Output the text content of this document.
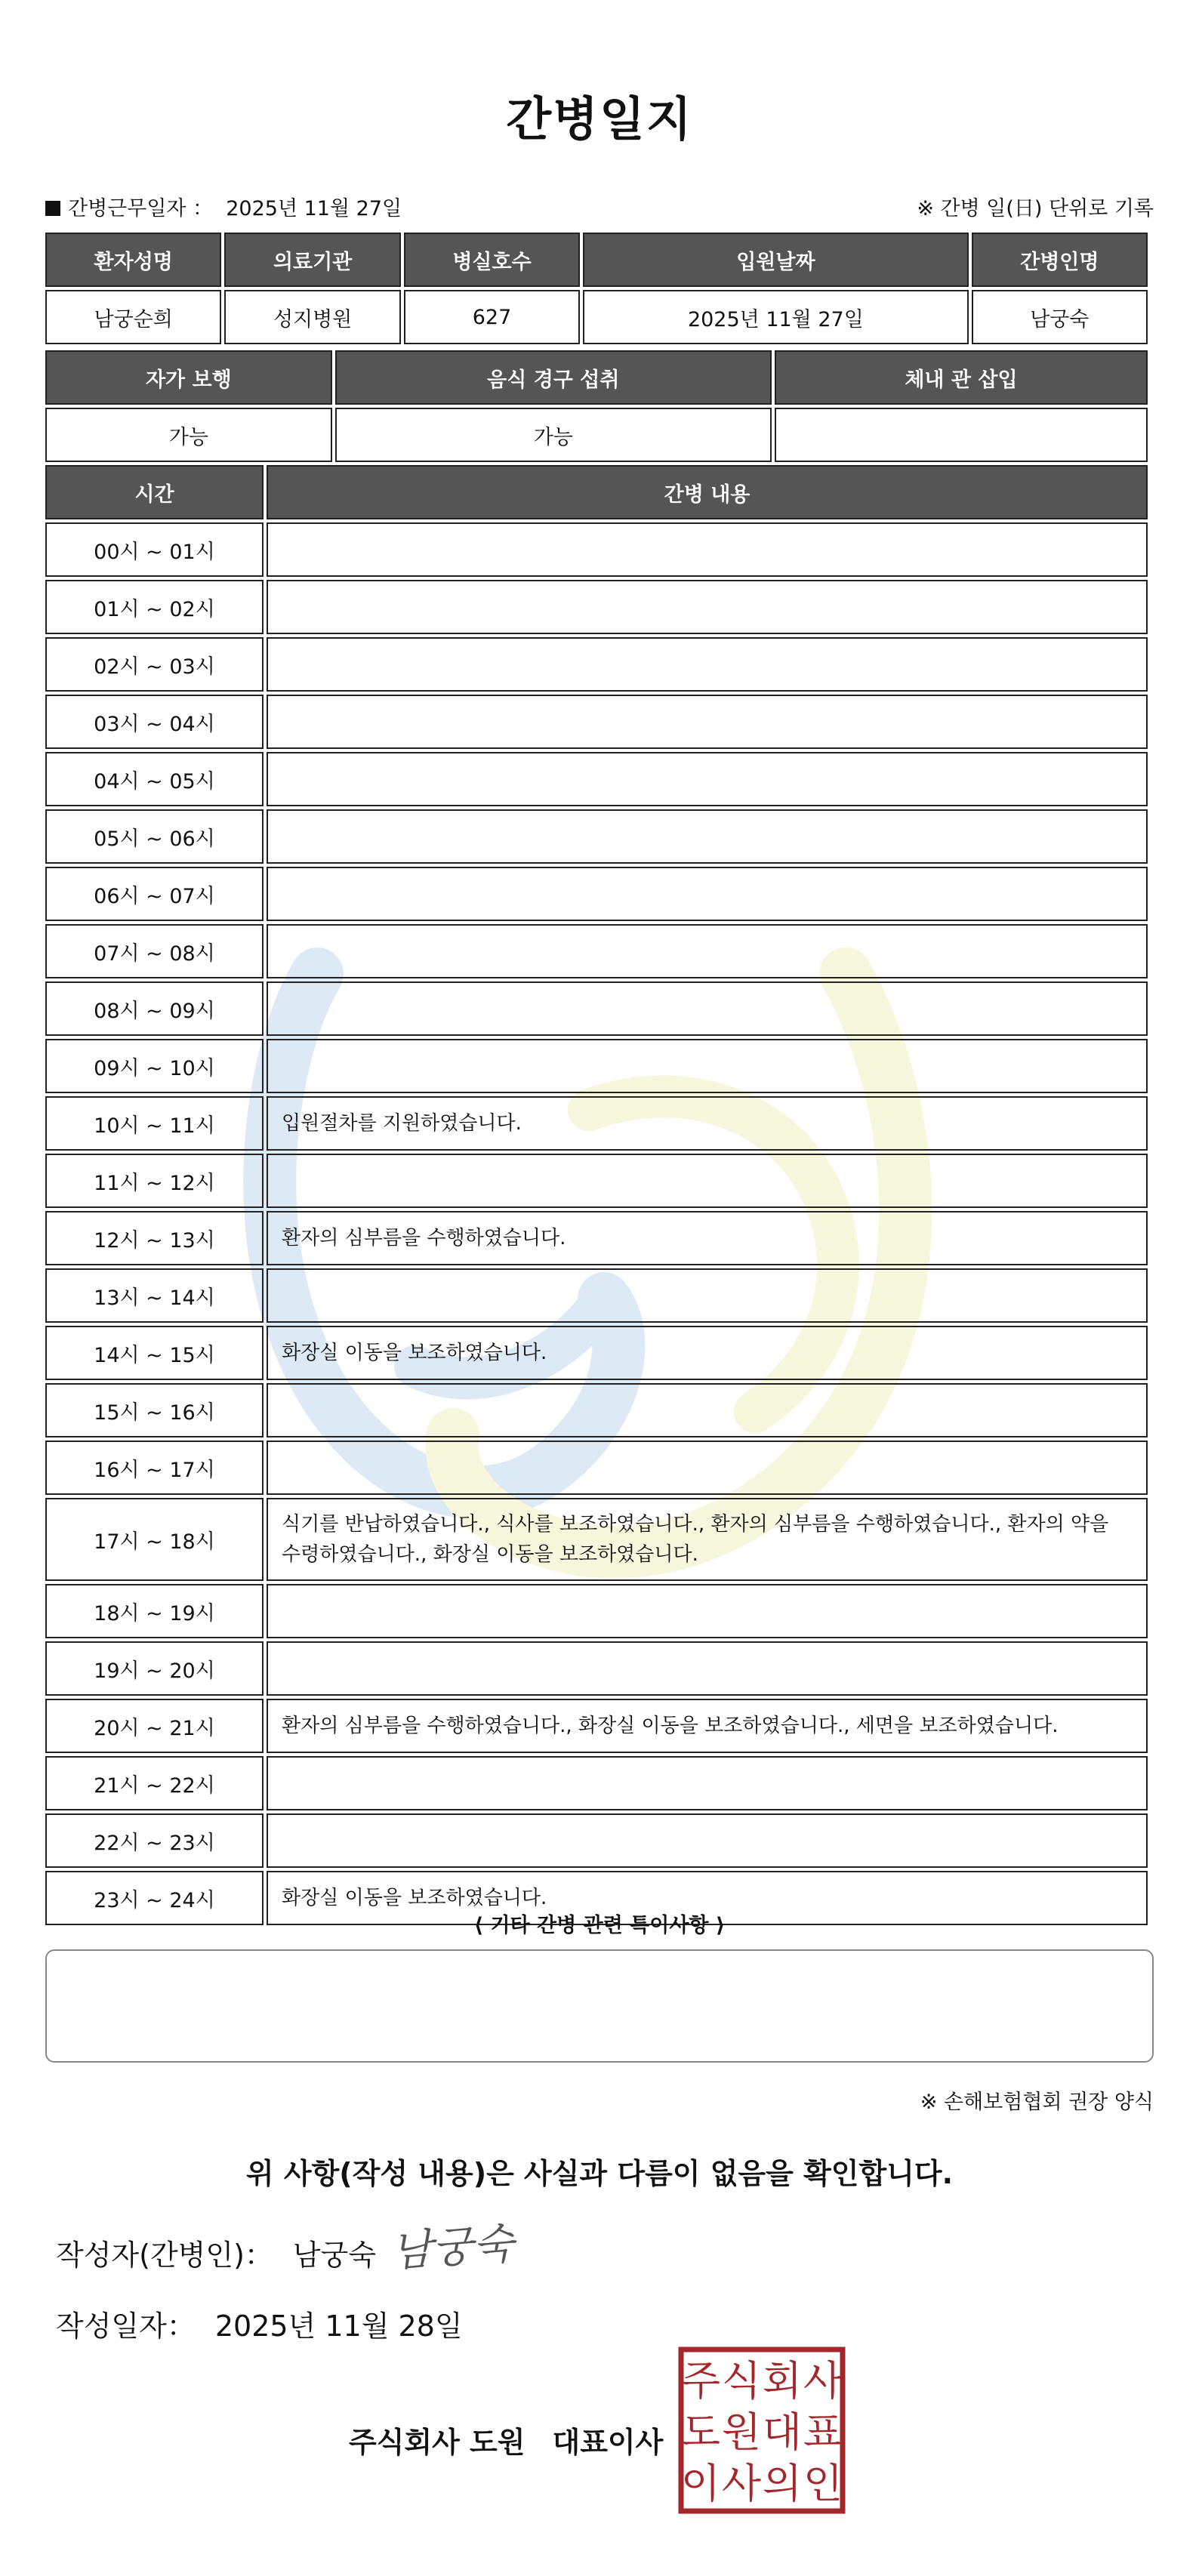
간병일지
간병근무일자 ： 2025년 11월 27일	※ 간병 일(日) 단위로 기록
환자성명	의료기관	병실호수	입원날짜	간병인명
남궁순희	성지병원	627	2025년 11월 27일	남궁숙
자가 보행	음식 경구 섭취	체내 관 삽입
가능	가능	
시간	간병 내용
00시 ~ 01시	
01시 ~ 02시	
02시 ~ 03시	
03시 ~ 04시	
04시 ~ 05시	
05시 ~ 06시	
06시 ~ 07시	
07시 ~ 08시	
08시 ~ 09시	
09시 ~ 10시	
10시 ~ 11시	입원절차를 지원하였습니다.
11시 ~ 12시	
12시 ~ 13시	환자의 심부름을 수행하였습니다.
13시 ~ 14시	
14시 ~ 15시	화장실 이동을 보조하였습니다.
15시 ~ 16시	
16시 ~ 17시	
17시 ~ 18시	식기를 반납하였습니다., 식사를 보조하였습니다., 환자의 심부름을 수행하였습니다., 환자의 약을 수령하였습니다., 화장실 이동을 보조하였습니다.
18시 ~ 19시	
19시 ~ 20시	
20시 ~ 21시	환자의 심부름을 수행하였습니다., 화장실 이동을 보조하였습니다., 세면을 보조하였습니다.
21시 ~ 22시	
22시 ~ 23시	
23시 ~ 24시	화장실 이동을 보조하였습니다.
⟨ 기타 간병 관련 특이사항 ⟩
※ 손해보험협회 권장 양식
위 사항(작성 내용)은 사실과 다름이 없음을 확인합니다.
작성자(간병인)： 남궁숙 남궁숙
작성일자： 2025년 11월 28일
주식회사 도원 대표이사
주 식 회 사
도 원 대 표
이 사 의 인
